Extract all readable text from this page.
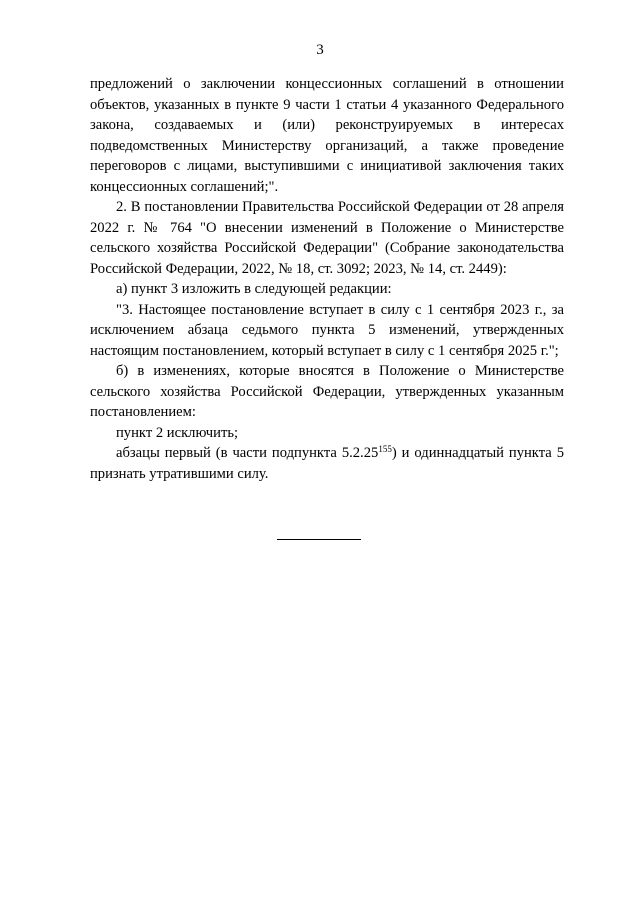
3

предложений о заключении концессионных соглашений в отношении объектов, указанных в пункте 9 части 1 статьи 4 указанного Федерального закона, создаваемых и (или) реконструируемых в интересах подведомственных Министерству организаций, а также проведение переговоров с лицами, выступившими с инициативой заключения таких концессионных соглашений;".

2. В постановлении Правительства Российской Федерации от 28 апреля 2022 г. № 764 "О внесении изменений в Положение о Министерстве сельского хозяйства Российской Федерации" (Собрание законодательства Российской Федерации, 2022, № 18, ст. 3092; 2023, № 14, ст. 2449):

а) пункт 3 изложить в следующей редакции:

"3. Настоящее постановление вступает в силу с 1 сентября 2023 г., за исключением абзаца седьмого пункта 5 изменений, утвержденных настоящим постановлением, который вступает в силу с 1 сентября 2025 г.";

б) в изменениях, которые вносятся в Положение о Министерстве сельского хозяйства Российской Федерации, утвержденных указанным постановлением:

пункт 2 исключить;

абзацы первый (в части подпункта 5.2.25$^{155}$) и одиннадцатый пункта 5 признать утратившими силу.
